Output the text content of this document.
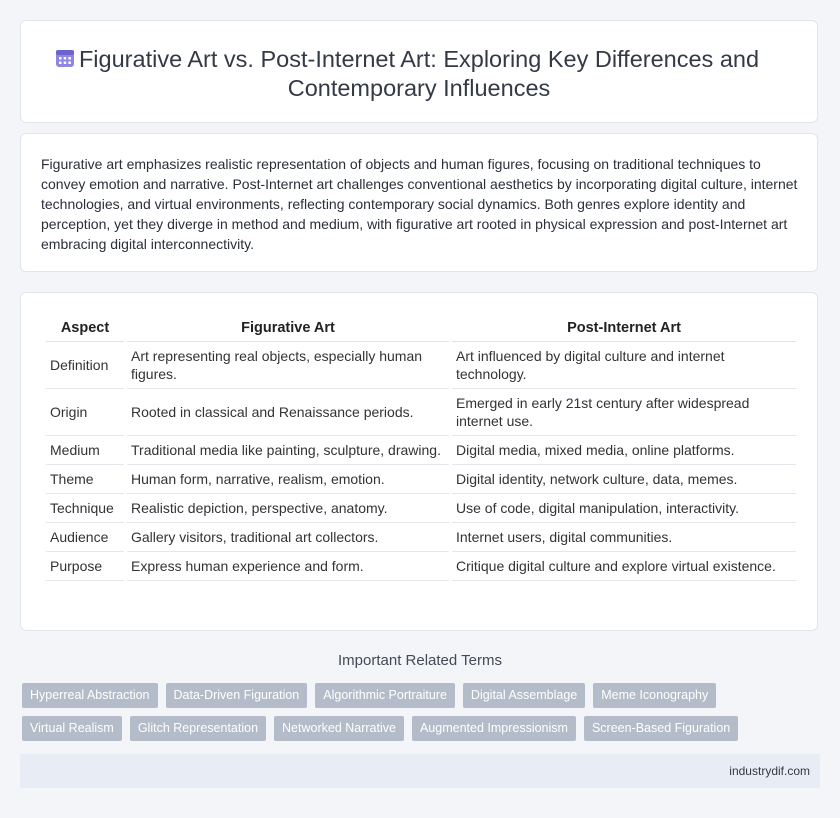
Figurative Art vs. Post-Internet Art: Exploring Key Differences and Contemporary Influences

Figurative art emphasizes realistic representation of objects and human figures, focusing on traditional techniques to convey emotion and narrative. Post-Internet art challenges conventional aesthetics by incorporating digital culture, internet technologies, and virtual environments, reflecting contemporary social dynamics. Both genres explore identity and perception, yet they diverge in method and medium, with figurative art rooted in physical expression and post-Internet art embracing digital interconnectivity.

Aspect	Figurative Art	Post-Internet Art
Definition	Art representing real objects, especially human figures.	Art influenced by digital culture and internet technology.
Origin	Rooted in classical and Renaissance periods.	Emerged in early 21st century after widespread internet use.
Medium	Traditional media like painting, sculpture, drawing.	Digital media, mixed media, online platforms.
Theme	Human form, narrative, realism, emotion.	Digital identity, network culture, data, memes.
Technique	Realistic depiction, perspective, anatomy.	Use of code, digital manipulation, interactivity.
Audience	Gallery visitors, traditional art collectors.	Internet users, digital communities.
Purpose	Express human experience and form.	Critique digital culture and explore virtual existence.
Important Related Terms
Hyperreal Abstraction	Data-Driven Figuration	Algorithmic Portraiture	Digital Assemblage	Meme Iconography
Virtual Realism	Glitch Representation	Networked Narrative	Augmented Impressionism	Screen-Based Figuration
industrydif.com
